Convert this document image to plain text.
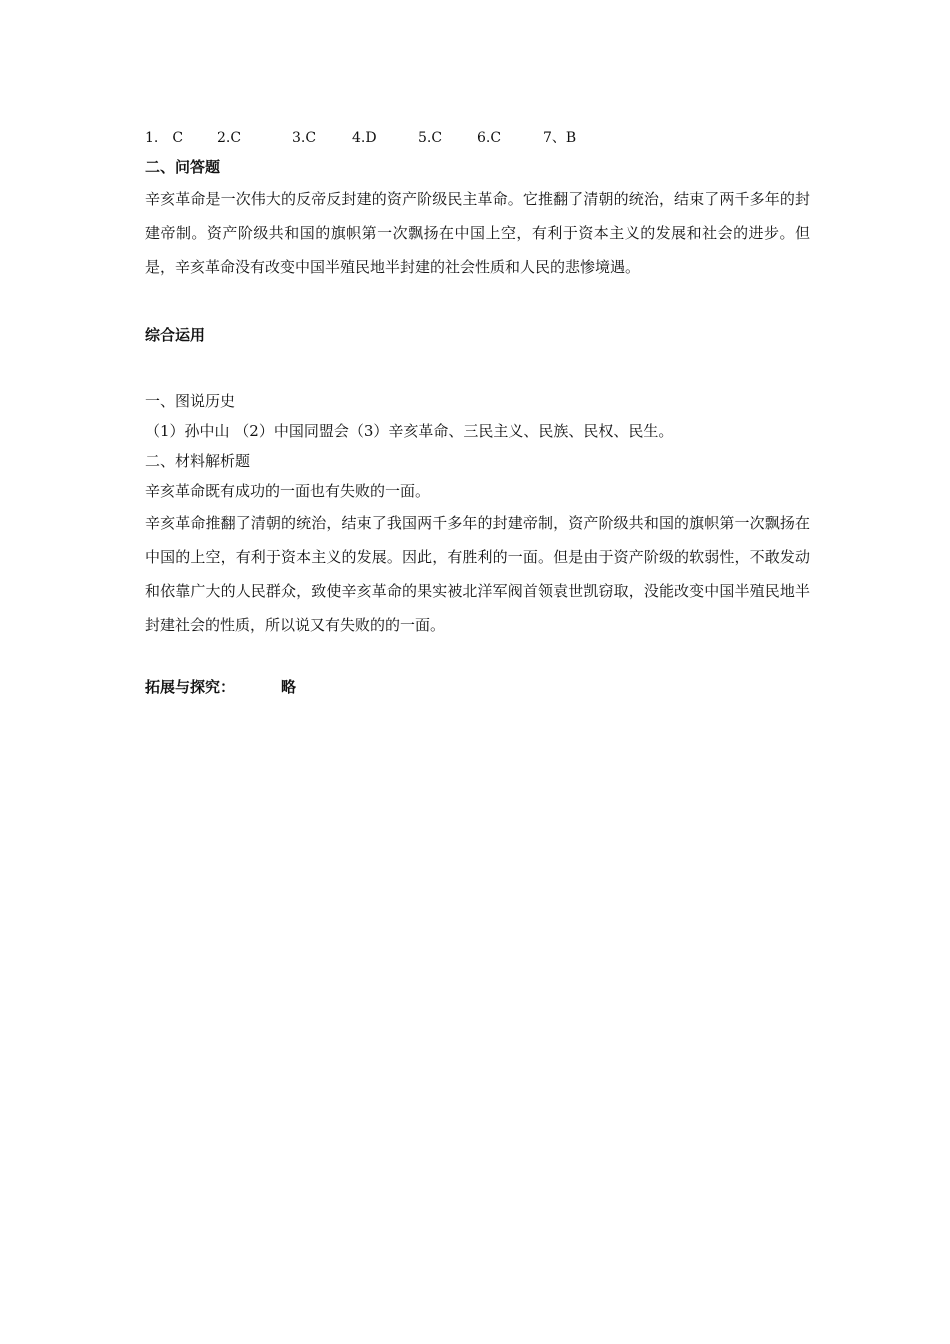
1.　C	2.C	3.C	4.D	5.C	6.C	7、B
二、问答题
辛亥革命是一次伟大的反帝反封建的资产阶级民主革命。它推翻了清朝的统治，结束了两千多年的封建帝制。资产阶级共和国的旗帜第一次飘扬在中国上空，有利于资本主义的发展和社会的进步。但是，辛亥革命没有改变中国半殖民地半封建的社会性质和人民的悲惨境遇。
综合运用
一、图说历史
（1）孙中山 （2）中国同盟会（3）辛亥革命、三民主义、民族、民权、民生。
二、材料解析题
辛亥革命既有成功的一面也有失败的一面。
辛亥革命推翻了清朝的统治，结束了我国两千多年的封建帝制，资产阶级共和国的旗帜第一次飘扬在中国的上空，有利于资本主义的发展。因此，有胜利的一面。但是由于资产阶级的软弱性，不敢发动和依靠广大的人民群众，致使辛亥革命的果实被北洋军阀首领袁世凯窃取，没能改变中国半殖民地半封建社会的性质，所以说又有失败的的一面。
拓展与探究：	略
